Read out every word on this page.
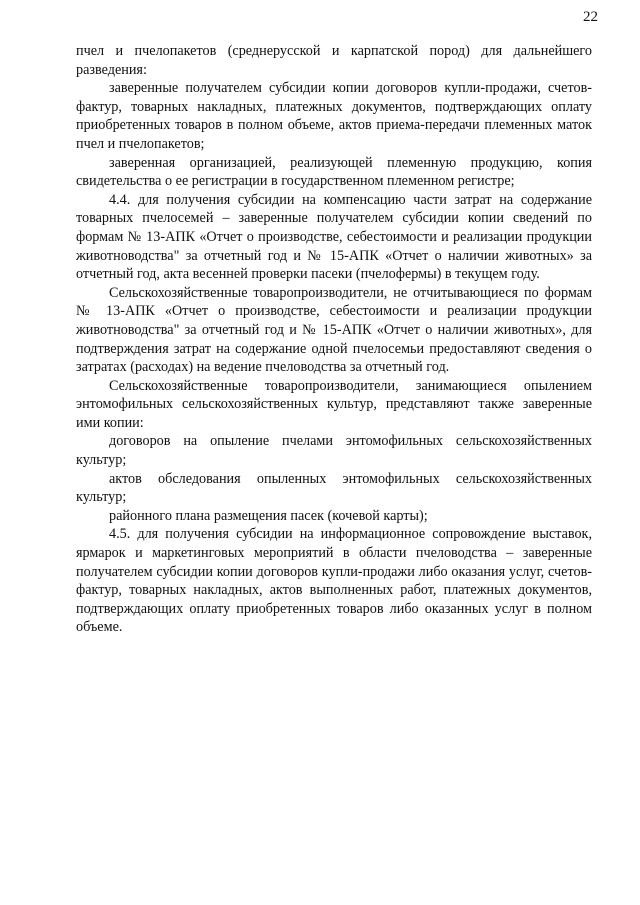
22

пчел и пчелопакетов (среднерусской и карпатской пород) для дальнейшего разведения:

заверенные получателем субсидии копии договоров купли-продажи, счетов-фактур, товарных накладных, платежных документов, подтверждающих оплату приобретенных товаров в полном объеме, актов приема-передачи племенных маток пчел и пчелопакетов;

заверенная организацией, реализующей племенную продукцию, копия свидетельства о ее регистрации в государственном племенном регистре;

4.4. для получения субсидии на компенсацию части затрат на содержание товарных пчелосемей – заверенные получателем субсидии копии сведений по формам № 13-АПК «Отчет о производстве, себестоимости и реализации продукции животноводства" за отчетный год и № 15-АПК «Отчет о наличии животных» за отчетный год, акта весенней проверки пасеки (пчелофермы) в текущем году.

Сельскохозяйственные товаропроизводители, не отчитывающиеся по формам № 13-АПК «Отчет о производстве, себестоимости и реализации продукции животноводства" за отчетный год и № 15-АПК «Отчет о наличии животных», для подтверждения затрат на содержание одной пчелосемьи предоставляют сведения о затратах (расходах) на ведение пчеловодства за отчетный год.

Сельскохозяйственные товаропроизводители, занимающиеся опылением энтомофильных сельскохозяйственных культур, представляют также заверенные ими копии:

договоров на опыление пчелами энтомофильных сельскохозяйственных культур;

актов обследования опыленных энтомофильных сельскохозяйственных культур;

районного плана размещения пасек (кочевой карты);

4.5. для получения субсидии на информационное сопровождение выставок, ярмарок и маркетинговых мероприятий в области пчеловодства – заверенные получателем субсидии копии договоров купли-продажи либо оказания услуг, счетов-фактур, товарных накладных, актов выполненных работ, платежных документов, подтверждающих оплату приобретенных товаров либо оказанных услуг в полном объеме.
